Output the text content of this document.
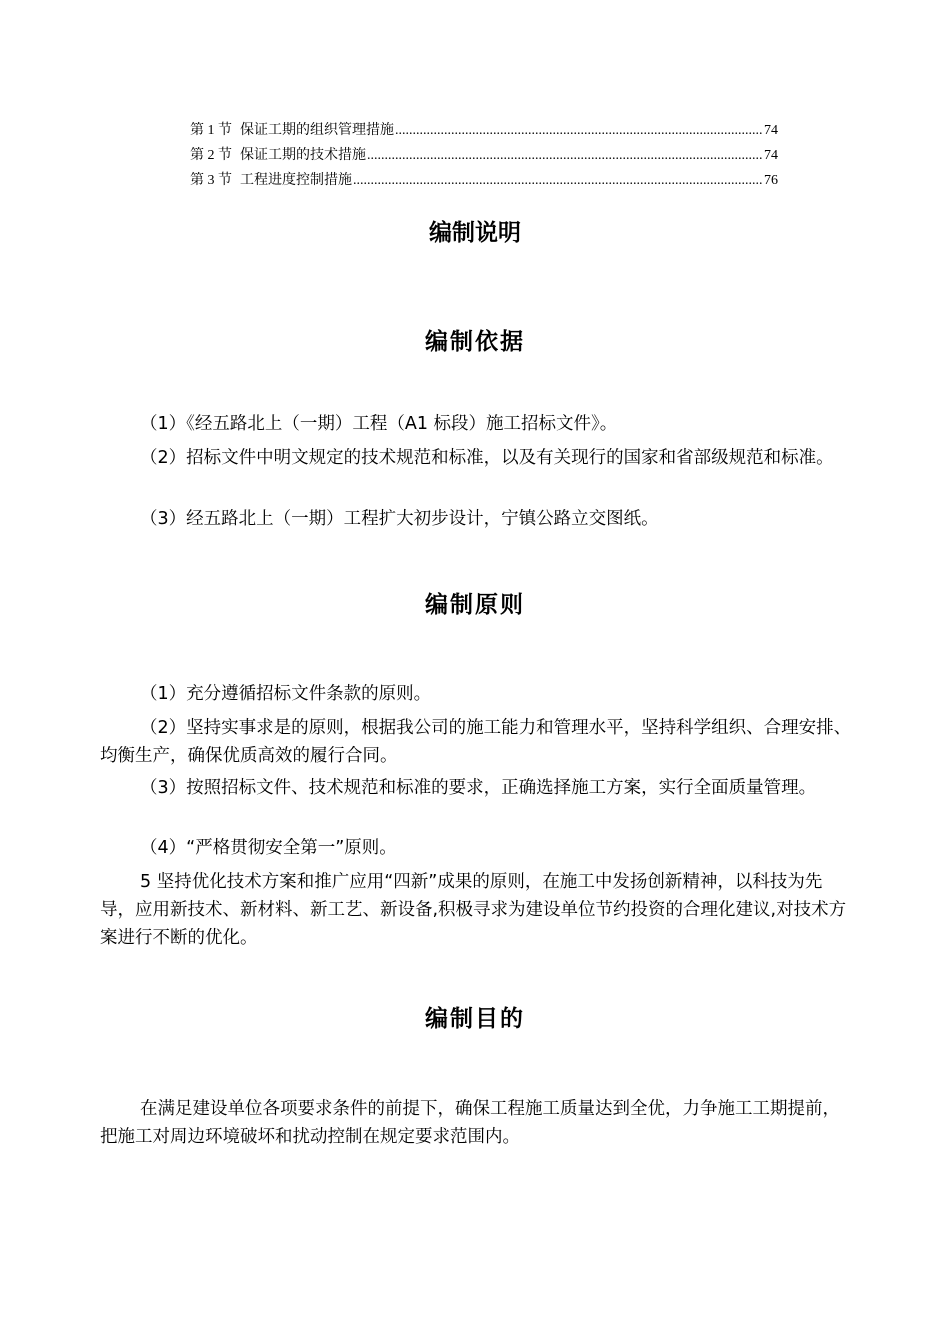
第 1 节 保证工期的组织管理措施 .....	74
第 2 节 保证工期的技术措施 .....	74
第 3 节 工程进度控制措施 .....	76
编制说明
编制依据

（1）《经五路北上（一期）工程（A1 标段）施工招标文件》。

（2）招标文件中明文规定的技术规范和标准，以及有关现行的国家和省部级规范和标准。

（3）经五路北上（一期）工程扩大初步设计，宁镇公路立交图纸。

编制原则

（1）充分遵循招标文件条款的原则。

（2）坚持实事求是的原则，根据我公司的施工能力和管理水平，坚持科学组织、合理安排、均衡生产，确保优质高效的履行合同。

（3）按照招标文件、技术规范和标准的要求，正确选择施工方案，实行全面质量管理。

（4）“严格贯彻安全第一”原则。

5 坚持优化技术方案和推广应用“四新”成果的原则，在施工中发扬创新精神，以科技为先导，应用新技术、新材料、新工艺、新设备,积极寻求为建设单位节约投资的合理化建议,对技术方案进行不断的优化。

编制目的

在满足建设单位各项要求条件的前提下，确保工程施工质量达到全优，力争施工工期提前，把施工对周边环境破坏和扰动控制在规定要求范围内。
